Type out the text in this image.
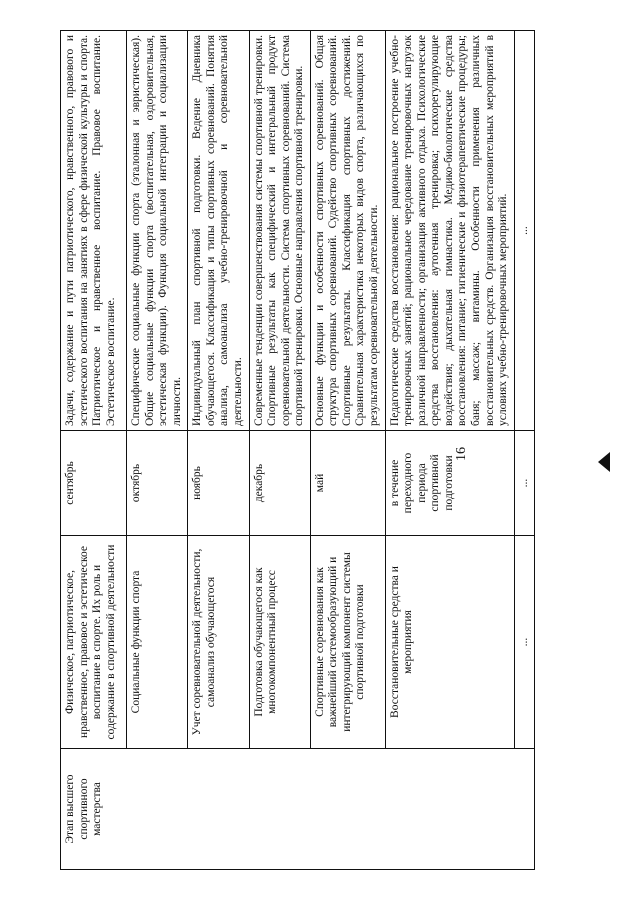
16
Этап высшего спортивного мастерства	Физическое, патриотическое, нравственное, правовое и эстетическое воспитание в спорте. Их роль и содержание в спортивной деятельности	сентябрь	Задачи, содержание и пути патриотического, нравственного, правового и эстетического воспитания на занятиях в сфере физической культуры и спорта. Патриотическое и нравственное воспитание. Правовое воспитание. Эстетическое воспитание.
	Социальные функции спорта	октябрь	Специфические социальные функции спорта (эталонная и эвристическая). Общие социальные функции спорта (воспитательная, оздоровительная, эстетическая функции). Функция социальной интеграции и социализации личности.
	Учет соревновательной деятельности, самоанализ обучающегося	ноябрь	Индивидуальный план спортивной подготовки. Ведение Дневника обучающегося. Классификация и типы спортивных соревнований. Понятия анализа, самоанализа учебно-тренировочной и соревновательной деятельности.
	Подготовка обучающегося как многокомпонентный процесс	декабрь	Современные тенденции совершенствования системы спортивной тренировки. Спортивные результаты как специфический и интегральный продукт соревновательной деятельности. Система спортивных соревнований. Система спортивной тренировки. Основные направления спортивной тренировки.
	Спортивные соревнования как важнейший системообразующий и интегрирующий компонент системы спортивной подготовки	май	Основные функции и особенности спортивных соревнований. Общая структура спортивных соревнований. Судейство спортивных соревнований. Спортивные результаты. Классификация спортивных достижений. Сравнительная характеристика некоторых видов спорта, различающихся по результатам соревновательной деятельности.
	Восстановительные средства и мероприятия	в течение переходного периода спортивной подготовки	Педагогические средства восстановления: рациональное построение учебно-тренировочных занятий; рациональное чередование тренировочных нагрузок различной направленности; организация активного отдыха. Психологические средства восстановления: аутогенная тренировка; психорегулирующие воздействия; дыхательная гимнастика. Медико-биологические средства восстановления: питание; гигиенические и физиотерапевтические процедуры; баня; массаж; витамины. Особенности применения различных восстановительных средств. Организация восстановительных мероприятий в условиях учебно-тренировочных мероприятий.
	...	...	...
